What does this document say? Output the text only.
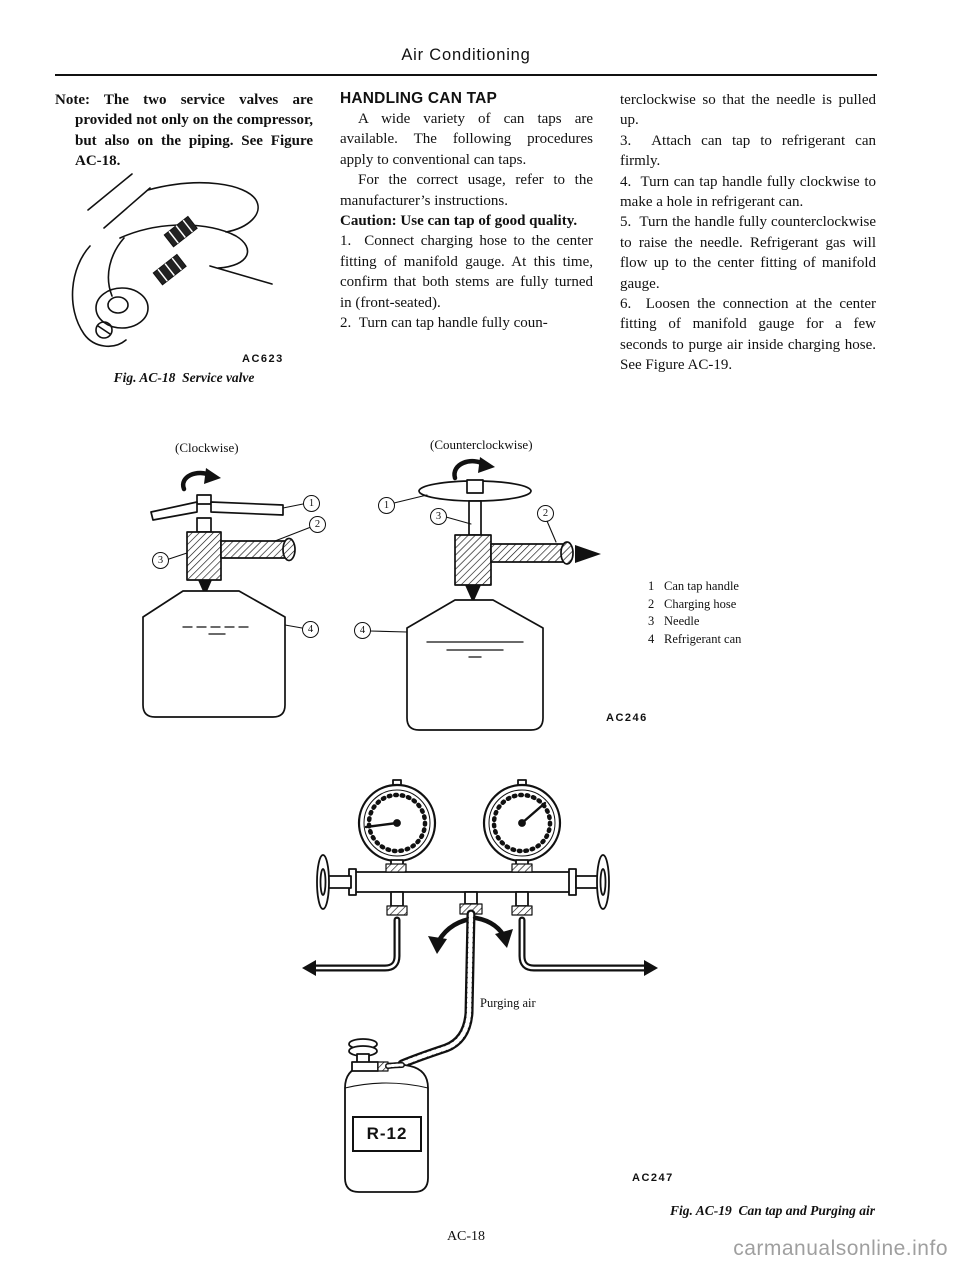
Air Conditioning

Note: The two service valves are provided not only on the compressor, but also on the piping. See Figure AC-18.

AC623
Fig. AC-18  Service valve

HANDLING CAN TAP

A wide variety of can taps are available. The following procedures apply to conventional can taps.

For the correct usage, refer to the manufacturer’s instructions.

Caution: Use can tap of good quality.

1.  Connect charging hose to the center fitting of manifold gauge. At this time, confirm that both stems are fully turned in (front-seated).

2.  Turn can tap handle fully coun-

terclockwise so that the needle is pulled up.

3.  Attach can tap to refrigerant can firmly.

4.  Turn can tap handle fully clockwise to make a hole in refrigerant can.

5.  Turn the handle fully counterclockwise to raise the needle. Refrigerant gas will flow up to the center fitting of manifold gauge.

6.  Loosen the connection at the center fitting of manifold gauge for a few seconds to purge air inside charging hose. See Figure AC-19.

(Clockwise)	(Counterclockwise)
1
2
3
4
1
3	2
4
1 Can tap handle
2 Charging hose
3 Needle
4 Refrigerant can
AC246
Purging air
R-12
AC247
Fig. AC-19  Can tap and Purging air
AC-18
carmanualsonline.info
